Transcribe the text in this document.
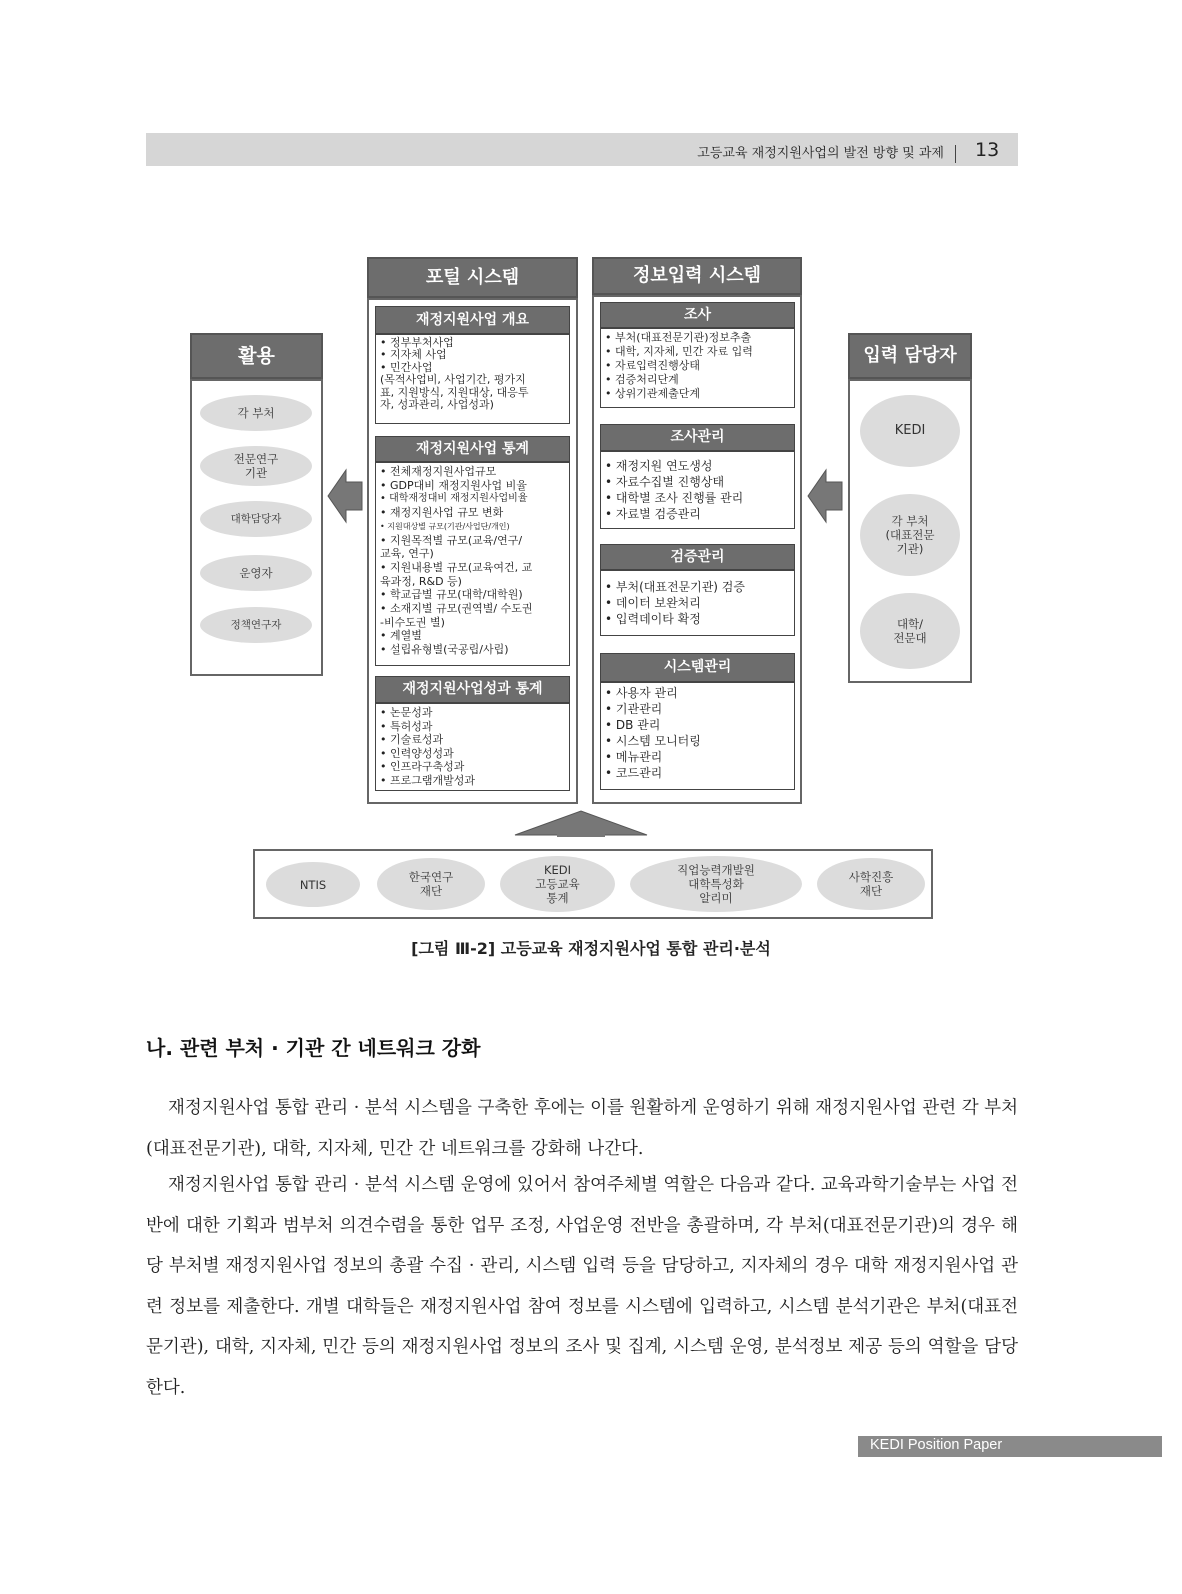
고등교육 재정지원사업의 발전 방향 및 과제 13
활용
각 부처
전문연구
기관
대학담당자
운영자
정책연구자
포털 시스템
재정지원사업 개요
• 정부부처사업
• 지자체 사업
• 민간사업
(목적사업비, 사업기간, 평가지
표, 지원방식, 지원대상, 대응투
자, 성과관리, 사업성과)
재정지원사업 통계
• 전체재정지원사업규모
• GDP대비 재정지원사업 비율
• 대학재정대비 재정지원사업비율
• 재정지원사업 규모 변화
• 지원대상별 규모(기관/사업단/개인)
• 지원목적별 규모(교육/연구/
교육, 연구)
• 지원내용별 규모(교육여건, 교
육과정, R&D 등)
• 학교급별 규모(대학/대학원)
• 소재지별 규모(권역별/ 수도권
-비수도권 별)
• 계열별
• 설립유형별(국공립/사립)
재정지원사업성과 통계
• 논문성과
• 특허성과
• 기술료성과
• 인력양성성과
• 인프라구축성과
• 프로그램개발성과
정보입력 시스템
조사
• 부처(대표전문기관)정보추출
• 대학, 지자체, 민간 자료 입력
• 자료입력진행상태
• 검증처리단계
• 상위기관제출단계
조사관리
• 재정지원 연도생성
• 자료수집별 진행상태
• 대학별 조사 진행률 관리
• 자료별 검증관리
검증관리
• 부처(대표전문기관) 검증
• 데이터 보완처리
• 입력데이타 확정
시스템관리
• 사용자 관리
• 기관관리
• DB 관리
• 시스템 모니터링
• 메뉴관리
• 코드관리
입력 담당자
KEDI
각 부처
(대표전문
기관)
대학/
전문대
NTIS
한국연구
재단
KEDI
고등교육
통계
직업능력개발원
대학특성화
알리미
사학진흥
재단
[그림 Ⅲ-2] 고등교육 재정지원사업 통합 관리·분석
나. 관련 부처 · 기관 간 네트워크 강화
재정지원사업 통합 관리 · 분석 시스템을 구축한 후에는 이를 원활하게 운영하기 위해 재정지원사업 관련 각 부처(대표전문기관), 대학, 지자체, 민간 간 네트워크를 강화해 나간다.
재정지원사업 통합 관리 · 분석 시스템 운영에 있어서 참여주체별 역할은 다음과 같다. 교육과학기술부는 사업 전반에 대한 기획과 범부처 의견수렴을 통한 업무 조정, 사업운영 전반을 총괄하며, 각 부처(대표전문기관)의 경우 해당 부처별 재정지원사업 정보의 총괄 수집 · 관리, 시스템 입력 등을 담당하고, 지자체의 경우 대학 재정지원사업 관련 정보를 제출한다. 개별 대학들은 재정지원사업 참여 정보를 시스템에 입력하고, 시스템 분석기관은 부처(대표전문기관), 대학, 지자체, 민간 등의 재정지원사업 정보의 조사 및 집계, 시스템 운영, 분석정보 제공 등의 역할을 담당한다.
KEDI Position Paper
